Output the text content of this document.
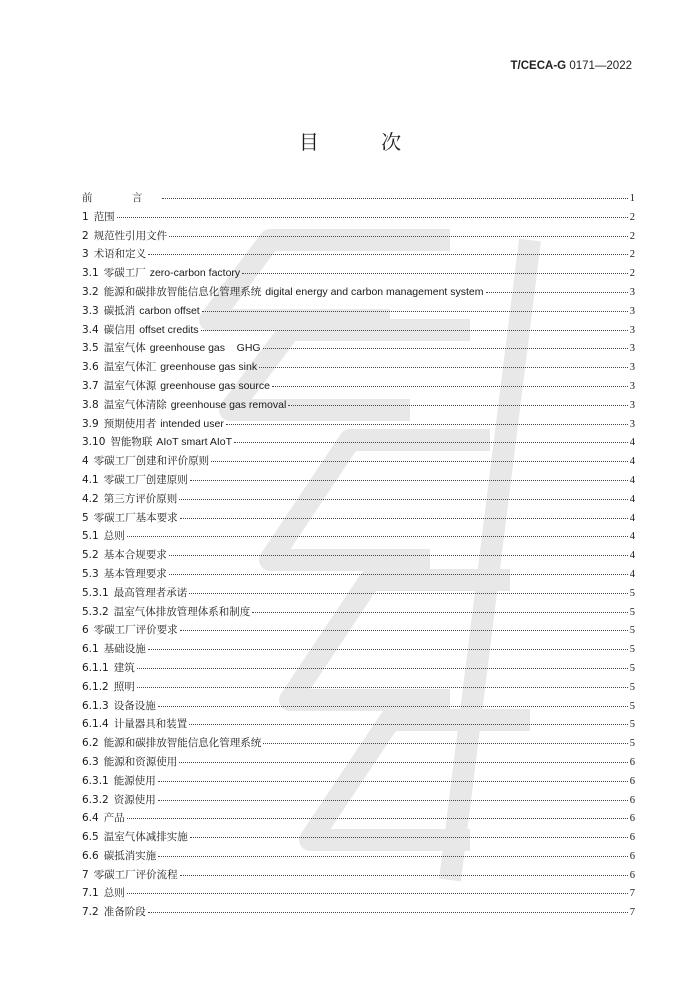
T/CECA-G 0171—2022
目 次
前 言	1
1 范围	2
2 规范性引用文件	2
3 术语和定义	2
3.1 零碳工厂 zero-carbon factory	2
3.2 能源和碳排放智能信息化管理系统 digital energy and carbon management system	3
3.3 碳抵消 carbon offset	3
3.4 碳信用 offset credits	3
3.5 温室气体 greenhouse gas    GHG	3
3.6 温室气体汇 greenhouse gas sink	3
3.7 温室气体源 greenhouse gas source	3
3.8 温室气体清除 greenhouse gas removal	3
3.9 预期使用者 intended user	3
3.10 智能物联 AIoT smart AIoT	4
4 零碳工厂创建和评价原则	4
4.1 零碳工厂创建原则	4
4.2 第三方评价原则	4
5 零碳工厂基本要求	4
5.1 总则	4
5.2 基本合规要求	4
5.3 基本管理要求	4
5.3.1 最高管理者承诺	5
5.3.2 温室气体排放管理体系和制度	5
6 零碳工厂评价要求	5
6.1 基础设施	5
6.1.1 建筑	5
6.1.2 照明	5
6.1.3 设备设施	5
6.1.4 计量器具和装置	5
6.2 能源和碳排放智能信息化管理系统	5
6.3 能源和资源使用	6
6.3.1 能源使用	6
6.3.2 资源使用	6
6.4 产品	6
6.5 温室气体减排实施	6
6.6 碳抵消实施	6
7 零碳工厂评价流程	6
7.1 总则	7
7.2 准备阶段	7
